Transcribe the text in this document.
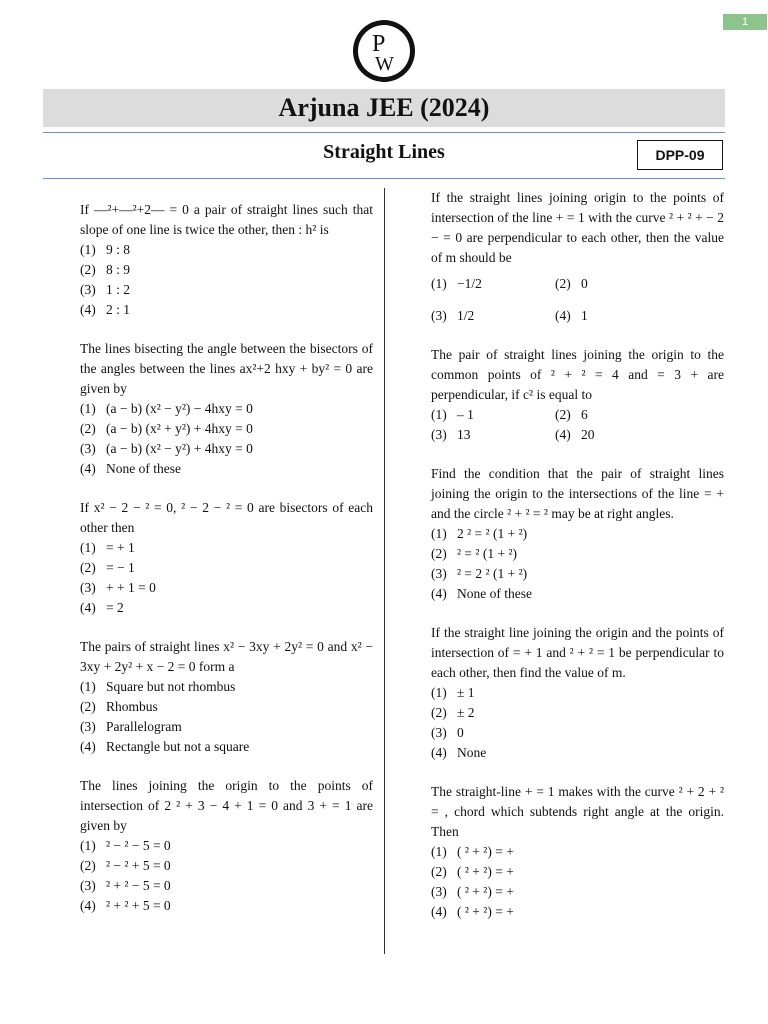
1
P
W
Arjuna JEE (2024)
Straight Lines	DPP-09
If —²+—²+2— = 0 a pair of straight lines such that slope of one line is twice the other, then : h² is
(1) 9 : 8
(2) 8 : 9
(3) 1 : 2
(4) 2 : 1
The lines bisecting the angle between the bisectors of the angles between the lines ax²+2 hxy + by² = 0 are given by
(1) (a − b) (x² − y²) − 4hxy = 0
(2) (a − b) (x² + y²) + 4hxy = 0
(3) (a − b) (x² − y²) + 4hxy = 0
(4) None of these
If x² − 2 − ² = 0, ² − 2 − ² = 0 are bisectors of each other then
(1) = + 1
(2) = − 1
(3) + + 1 = 0
(4) = 2
The pairs of straight lines x² − 3xy + 2y² = 0 and x² − 3xy + 2y² + x − 2 = 0 form a
(1) Square but not rhombus
(2) Rhombus
(3) Parallelogram
(4) Rectangle but not a square
The lines joining the origin to the points of intersection of 2 ² + 3 − 4 + 1 = 0 and 3 + = 1 are given by
(1) ² − ² − 5 = 0
(2) ² − ² + 5 = 0
(3) ² + ² − 5 = 0
(4) ² + ² + 5 = 0
If the straight lines joining origin to the points of intersection of the line + = 1 with the curve ² + ² + − 2 − = 0 are perpendicular to each other, then the value of m should be
(1) −1/2	(2) 0
(3) 1/2	(4) 1
The pair of straight lines joining the origin to the common points of ² + ² = 4 and = 3 + are perpendicular, if c² is equal to
(1) – 1	(2) 6
(3) 13	(4) 20
Find the condition that the pair of straight lines joining the origin to the intersections of the line = + and the circle ² + ² = ² may be at right angles.
(1) 2 ² = ² (1 + ²)
(2) ² = ² (1 + ²)
(3) ² = 2 ² (1 + ²)
(4) None of these
If the straight line joining the origin and the points of intersection of = + 1 and ² + ² = 1 be perpendicular to each other, then find the value of m.
(1) ± 1
(2) ± 2
(3) 0
(4) None
The straight-line + = 1 makes with the curve ² + 2 + ² = , chord which subtends right angle at the origin. Then
(1) ( ² + ²) = +
(2) ( ² + ²) = +
(3) ( ² + ²) = +
(4) ( ² + ²) = +
